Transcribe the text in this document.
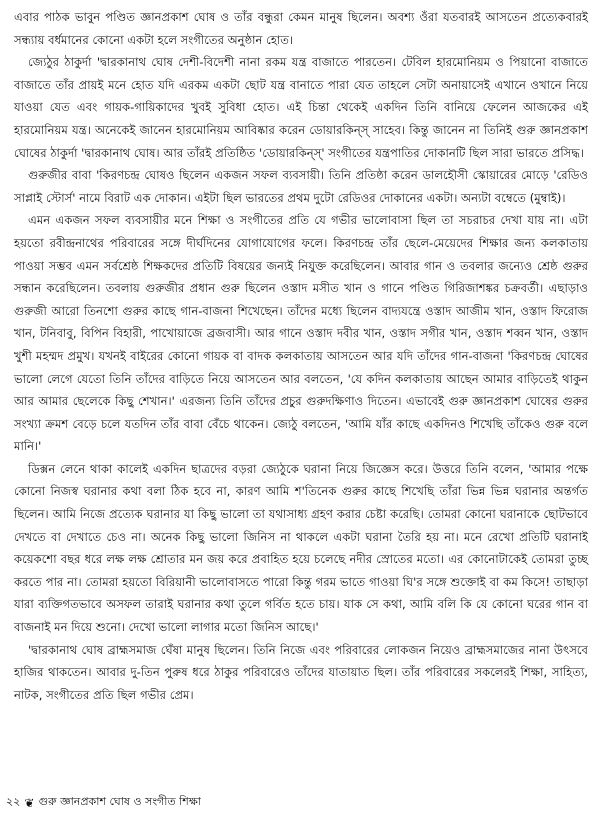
এবার পাঠক ভাবুন পণ্ডিত জ্ঞানপ্রকাশ ঘোষ ও তাঁর বন্ধুরা কেমন মানুষ ছিলেন। অবশ্য ওঁরা যতবারই আসতেন প্রত্যেকবারই সন্ধ্যায় বর্ধমানের কোনো একটা হলে সংগীতের অনুষ্ঠান হোত।

জ্যেঠুর ঠাকুর্দা 'দ্বারকানাথ ঘোষ দেশী-বিদেশী নানা রকম যন্ত্র বাজাতে পারতেন। টেবিল হারমোনিয়ম ও পিয়ানো বাজাতে বাজাতে তাঁর প্রায়ই মনে হোত যদি এরকম একটা ছোট যন্ত্র বানাতে পারা যেত তাহলে সেটা অনায়াসেই এখানে ওখানে নিয়ে যাওয়া যেত এবং গায়ক-গায়িকাদের খুবই সুবিধা হোত। এই চিন্তা থেকেই একদিন তিনি বানিয়ে ফেলেন আজকের এই হারমোনিয়ম যন্ত্র। অনেকেই জানেন হারমোনিয়ম আবিষ্কার করেন ডোয়ারকিন্‌স্‌ সাহেব। কিন্তু জানেন না তিনিই গুরু জ্ঞানপ্রকাশ ঘোষের ঠাকুর্দা 'দ্বারকানাথ ঘোষ। আর তাঁরই প্রতিষ্ঠিত 'ডোয়ারকিন্‌স্‌' সংগীতের যন্ত্রপাতির দোকানটি ছিল সারা ভারতে প্রসিদ্ধ।

গুরুজীর বাবা 'কিরণচন্দ্র ঘোষও ছিলেন একজন সফল ব্যবসায়ী। তিনি প্রতিষ্ঠা করেন ডালহৌসী স্কোয়ারের মোড়ে 'রেডিও সাপ্লাই স্টোর্স' নামে বিরাট এক দোকান। এইটা ছিল ভারতের প্রথম দুটো রেডিওর দোকানের একটা। অন্যটা বম্বেতে (মুম্বাই)।

এমন একজন সফল ব্যবসায়ীর মনে শিক্ষা ও সংগীতের প্রতি যে গভীর ভালোবাসা ছিল তা সচরাচর দেখা যায় না। এটা হয়তো রবীন্দ্রনাথের পরিবারের সঙ্গে দীর্ঘদিনের যোগাযোগের ফলে। কিরণচন্দ্র তাঁর ছেলে-মেয়েদের শিক্ষার জন্য কলকাতায় পাওয়া সম্ভব এমন সর্বশ্রেষ্ঠ শিক্ষকদের প্রতিটি বিষয়ের জন্যই নিযুক্ত করেছিলেন। আবার গান ও তবলার জন্যেও শ্রেষ্ঠ গুরুর সন্ধান করেছিলেন। তবলায় গুরুজীর প্রধান গুরু ছিলেন ওস্তাদ মসীত খান ও গানে পণ্ডিত গিরিজাশঙ্কর চক্রবর্তী। এছাড়াও গুরুজী আরো তিনশো গুরুর কাছে গান-বাজনা শিখেছেন। তাঁদের মধ্যে ছিলেন বাদ্যযন্ত্রে ওস্তাদ আজীম খান, ওস্তাদ ফিরোজ খান, টনিবাবু, বিপিন বিহারী, পাখোয়াজে ব্রজবাসী। আর গানে ওস্তাদ দবীর খান, ওস্তাদ সগীর খান, ওস্তাদ শব্বন খান, ওস্তাদ খুশী মহম্মদ প্রমুখ। যখনই বাইরের কোনো গায়ক বা বাদক কলকাতায় আসতেন আর যদি তাঁদের গান-বাজনা 'কিরণচন্দ্র ঘোষের ভালো লেগে যেতো তিনি তাঁদের বাড়িতে নিয়ে আসতেন আর বলতেন, 'যে কদিন কলকাতায় আছেন আমার বাড়িতেই থাকুন আর আমার ছেলেকে কিছু শেখান।' এরজন্য তিনি তাঁদের প্রচুর গুরুদক্ষিণাও দিতেন। এভাবেই গুরু জ্ঞানপ্রকাশ ঘোষের গুরুর সংখ্যা ক্রমশ বেড়ে চলে যতদিন তাঁর বাবা বেঁচে থাকেন। জ্যেঠু বলতেন, 'আমি যাঁর কাছে একদিনও শিখেছি তাঁকেও গুরু বলে মানি।'

ডিক্সন লেনে থাকা কালেই একদিন ছাত্রদের বড়রা জ্যেঠুকে ঘরানা নিয়ে জিজ্ঞেস করে। উত্তরে তিনি বলেন, 'আমার পক্ষে কোনো নিজস্ব ঘরানার কথা বলা ঠিক হবে না, কারণ আমি শ'তিনেক গুরুর কাছে শিখেছি তাঁরা ভিন্ন ভিন্ন ঘরানার অন্তর্গত ছিলেন। আমি নিজে প্রত্যেক ঘরানার যা কিছু ভালো তা যথাসাধ্য গ্রহণ করার চেষ্টা করেছি। তোমরা কোনো ঘরানাকে ছোটভাবে দেখতে বা দেখাতে চেও না। অনেক কিছু ভালো জিনিস না থাকলে একটা ঘরানা তৈরি হয় না। মনে রেখো প্রতিটি ঘরানাই কয়েকশো বছর ধরে লক্ষ লক্ষ শ্রোতার মন জয় করে প্রবাহিত হয়ে চলেছে নদীর স্রোতের মতো। এর কোনোটাকেই তোমরা তুচ্ছ করতে পার না। তোমরা হয়তো বিরিয়ানী ভালোবাসতে পারো কিন্তু গরম ভাতে গাওয়া ঘি'র সঙ্গে শুক্তোই বা কম কিসে! তাছাড়া যারা ব্যক্তিগতভাবে অসফল তারাই ঘরানার কথা তুলে গর্বিত হতে চায়। যাক সে কথা, আমি বলি কি যে কোনো ঘরের গান বা বাজনাই মন দিয়ে শুনো। দেখো ভালো লাগার মতো জিনিস আছে।'

'দ্বারকানাথ ঘোষ ব্রাহ্মসমাজ ঘেঁষা মানুষ ছিলেন। তিনি নিজে এবং পরিবারের লোকজন নিয়েও ব্রাহ্মসমাজের নানা উৎসবে হাজির থাকতেন। আবার দু-তিন পুরুষ ধরে ঠাকুর পরিবারেও তাঁদের যাতায়াত ছিল। তাঁর পরিবারের সকলেরই শিক্ষা, সাহিত্য, নাটক, সংগীতের প্রতি ছিল গভীর প্রেম।

২২ ❦ গুরু জ্ঞানপ্রকাশ ঘোষ ও সংগীত শিক্ষা
